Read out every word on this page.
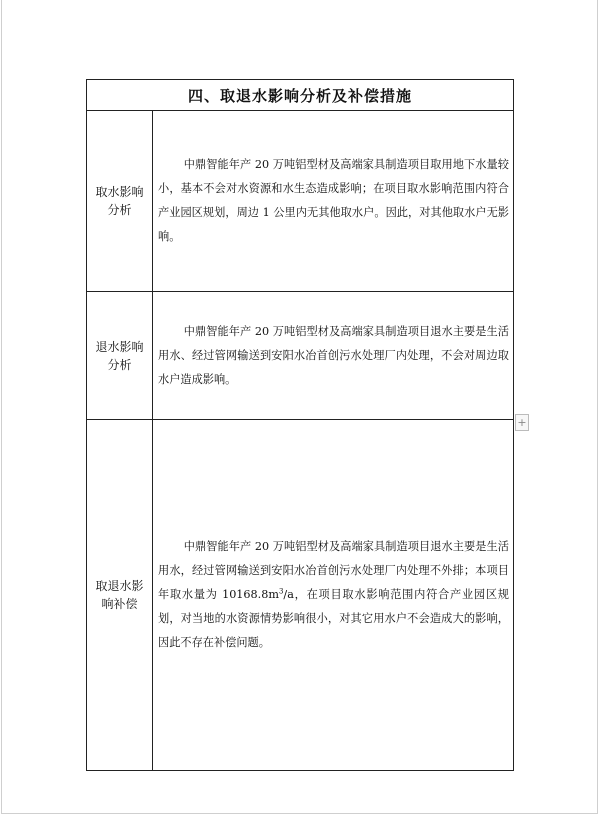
四、取退水影响分析及补偿措施	

取水影响
分析	中鼎智能年产 20 万吨铝型材及高端家具制造项目取用地下水量较小，基本不会对水资源和水生态造成影响；在项目取水影响范围内符合产业园区规划，周边 1 公里内无其他取水户。因此，对其他取水户无影响。

退水影响
分析	中鼎智能年产 20 万吨铝型材及高端家具制造项目退水主要是生活用水、经过管网输送到安阳水冶首创污水处理厂内处理，不会对周边取水户造成影响。

取退水影
响补偿	中鼎智能年产 20 万吨铝型材及高端家具制造项目退水主要是生活用水，经过管网输送到安阳水冶首创污水处理厂内处理不外排；本项目年取水量为 $10168.8m^3/a$，在项目取水影响范围内符合产业园区规划，对当地的水资源情势影响很小，对其它用水户不会造成大的影响，因此不存在补偿问题。

+
